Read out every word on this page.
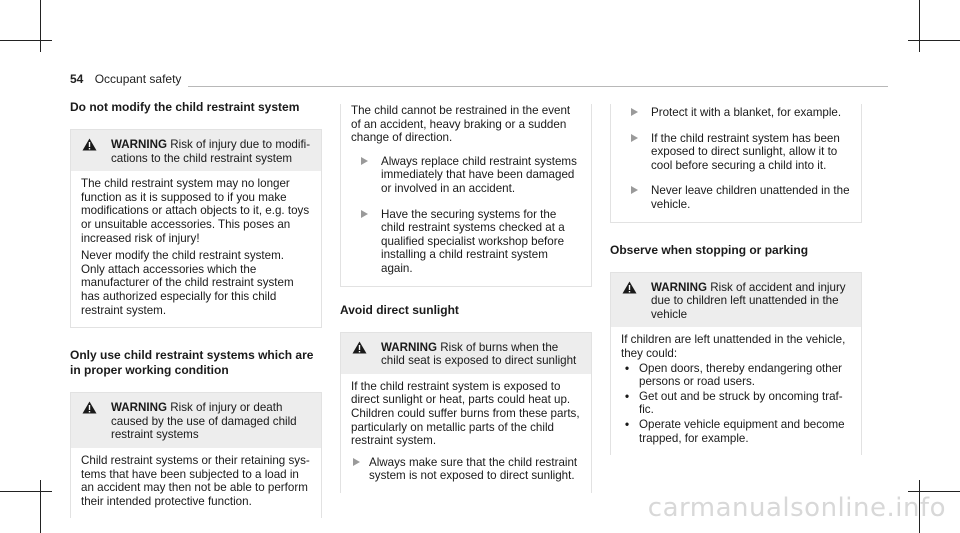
54 Occupant safety
Do not modify the child restraint system
WARNING Risk of injury due to modifications to the child restraint system

The child restraint system may no longer function as it is supposed to if you make modifications or attach objects to it, e.g. toys or unsuitable accessories. This poses an increased risk of injury!

Never modify the child restraint system. Only attach accessories which the manufacturer of the child restraint system has authorized especially for this child restraint system.

Only use child restraint systems which are in proper working condition
WARNING Risk of injury or death caused by the use of damaged child restraint systems

Child restraint systems or their retaining systems that have been subjected to a load in an accident may then not be able to perform their intended protective function.

The child cannot be restrained in the event of an accident, heavy braking or a sudden change of direction.

Always replace child restraint systems immediately that have been damaged or involved in an accident.
Have the securing systems for the child restraint systems checked at a qualified specialist workshop before installing a child restraint system again.
Avoid direct sunlight
WARNING Risk of burns when the child seat is exposed to direct sunlight

If the child restraint system is exposed to direct sunlight or heat, parts could heat up. Children could suffer burns from these parts, particularly on metallic parts of the child restraint system.

Always make sure that the child restraint system is not exposed to direct sunlight.
Protect it with a blanket, for example.
If the child restraint system has been exposed to direct sunlight, allow it to cool before securing a child into it.
Never leave children unattended in the vehicle.
Observe when stopping or parking
WARNING Risk of accident and injury due to children left unattended in the vehicle

If children are left unattended in the vehicle, they could:

• Open doors, thereby endangering other persons or road users.
• Get out and be struck by oncoming traffic.
• Operate vehicle equipment and become trapped, for example.
carmanualsonline.info
